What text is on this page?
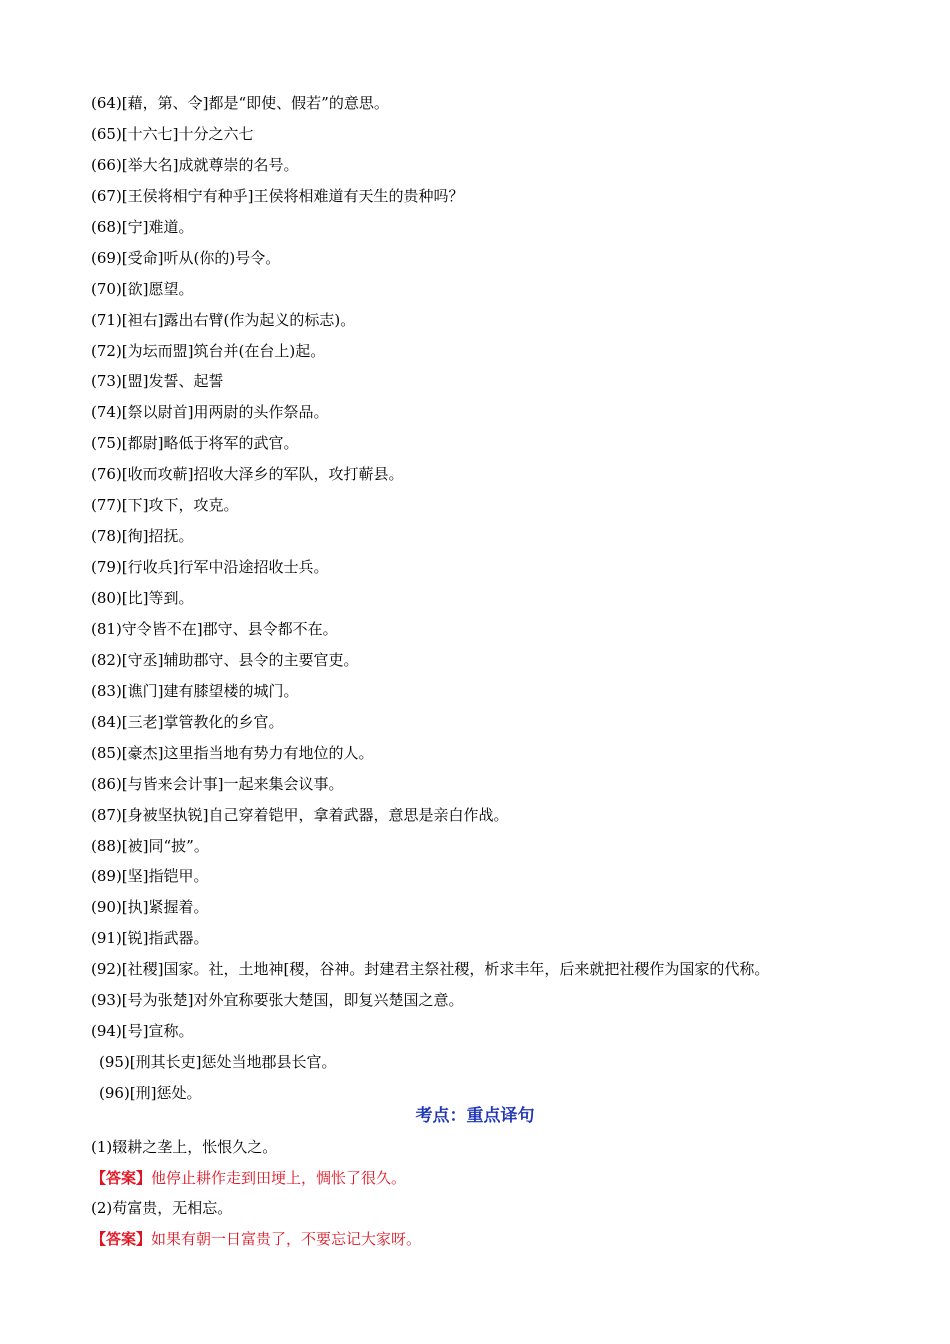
(64)[藉，第、令]都是“即使、假若”的意思。
(65)[十六七]十分之六七
(66)[举大名]成就尊崇的名号。
(67)[王侯将相宁有种乎]王侯将相难道有天生的贵种吗？
(68)[宁]难道。
(69)[受命]听从(你的)号令。
(70)[欲]愿望。
(71)[袒右]露出右臂(作为起义的标志)。
(72)[为坛而盟]筑台并(在台上)起。
(73)[盟]发誓、起誓
(74)[祭以尉首]用两尉的头作祭品。
(75)[都尉]略低于将军的武官。
(76)[收而攻蕲]招收大泽乡的军队，攻打蕲县。
(77)[下]攻下，攻克。
(78)[徇]招抚。
(79)[行收兵]行军中沿途招收士兵。
(80)[比]等到。
(81)守令皆不在]郡守、县令都不在。
(82)[守丞]辅助郡守、县令的主要官吏。
(83)[谯门]建有膝望楼的城门。
(84)[三老]掌管教化的乡官。
(85)[豪杰]这里指当地有势力有地位的人。
(86)[与皆来会计事]一起来集会议事。
(87)[身被坚执锐]自己穿着铠甲，拿着武器，意思是亲白作战。
(88)[被]同“披”。
(89)[坚]指铠甲。
(90)[执]紧握着。
(91)[锐]指武器。
(92)[社稷]国家。社，土地神[稷，谷神。封建君主祭社稷，析求丰年，后来就把社稷作为国家的代称。
(93)[号为张楚]对外宜称要张大楚国，即复兴楚国之意。
(94)[号]宣称。
(95)[刑其长吏]惩处当地郡县长官。
(96)[刑]惩处。
考点：重点译句
(1)辍耕之垄上，怅恨久之。
【答案】他停止耕作走到田埂上，惆怅了很久。
(2)苟富贵，无相忘。
【答案】如果有朝一日富贵了，不要忘记大家呀。
